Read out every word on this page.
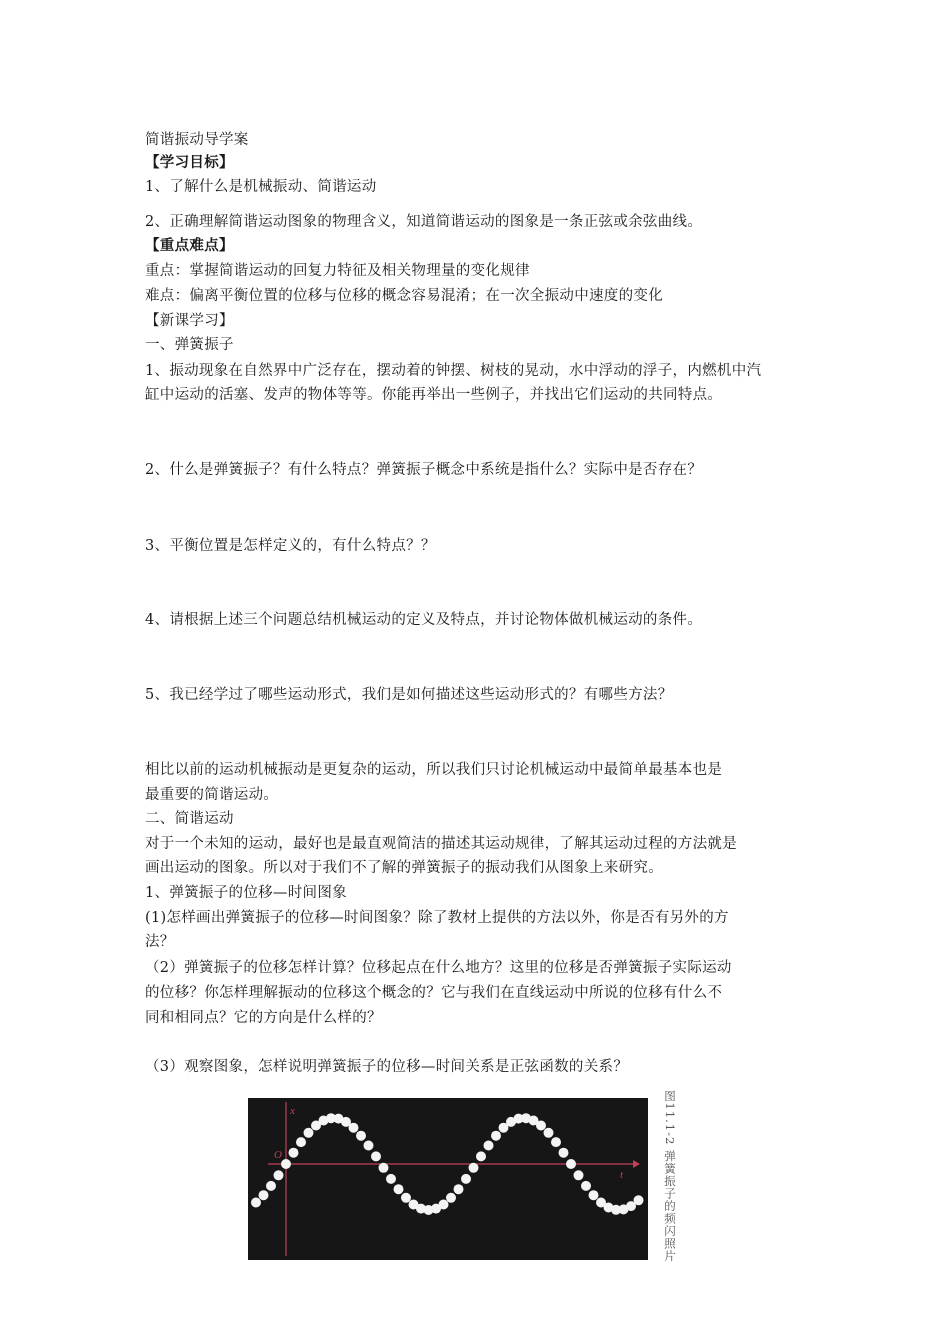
简谐振动导学案
【学习目标】
1、了解什么是机械振动、简谐运动
2、正确理解简谐运动图象的物理含义，知道简谐运动的图象是一条正弦或余弦曲线。
【重点难点】
重点：掌握简谐运动的回复力特征及相关物理量的变化规律
难点：偏离平衡位置的位移与位移的概念容易混淆；在一次全振动中速度的变化
【新课学习】
一、弹簧振子
1、振动现象在自然界中广泛存在，摆动着的钟摆、树枝的晃动，水中浮动的浮子，内燃机中汽
缸中运动的活塞、发声的物体等等。你能再举出一些例子，并找出它们运动的共同特点。
2、什么是弹簧振子？有什么特点？弹簧振子概念中系统是指什么？实际中是否存在？
3、平衡位置是怎样定义的，有什么特点？？
4、请根据上述三个问题总结机械运动的定义及特点，并讨论物体做机械运动的条件。
5、我已经学过了哪些运动形式，我们是如何描述这些运动形式的？有哪些方法？
相比以前的运动机械振动是更复杂的运动，所以我们只讨论机械运动中最简单最基本也是
最重要的简谐运动。
二、简谐运动
对于一个未知的运动，最好也是最直观简洁的描述其运动规律，了解其运动过程的方法就是
画出运动的图象。所以对于我们不了解的弹簧振子的振动我们从图象上来研究。
1、弹簧振子的位移—时间图象
(1)怎样画出弹簧振子的位移—时间图象？除了教材上提供的方法以外，你是否有另外的方
法？
（2）弹簧振子的位移怎样计算？位移起点在什么地方？这里的位移是否弹簧振子实际运动
的位移？你怎样理解振动的位移这个概念的？它与我们在直线运动中所说的位移有什么不
同和相同点？它的方向是什么样的？
（3）观察图象，怎样说明弹簧振子的位移—时间关系是正弦函数的关系？
x
O
t	图11.1-2 弹簧振子的频闪照片
